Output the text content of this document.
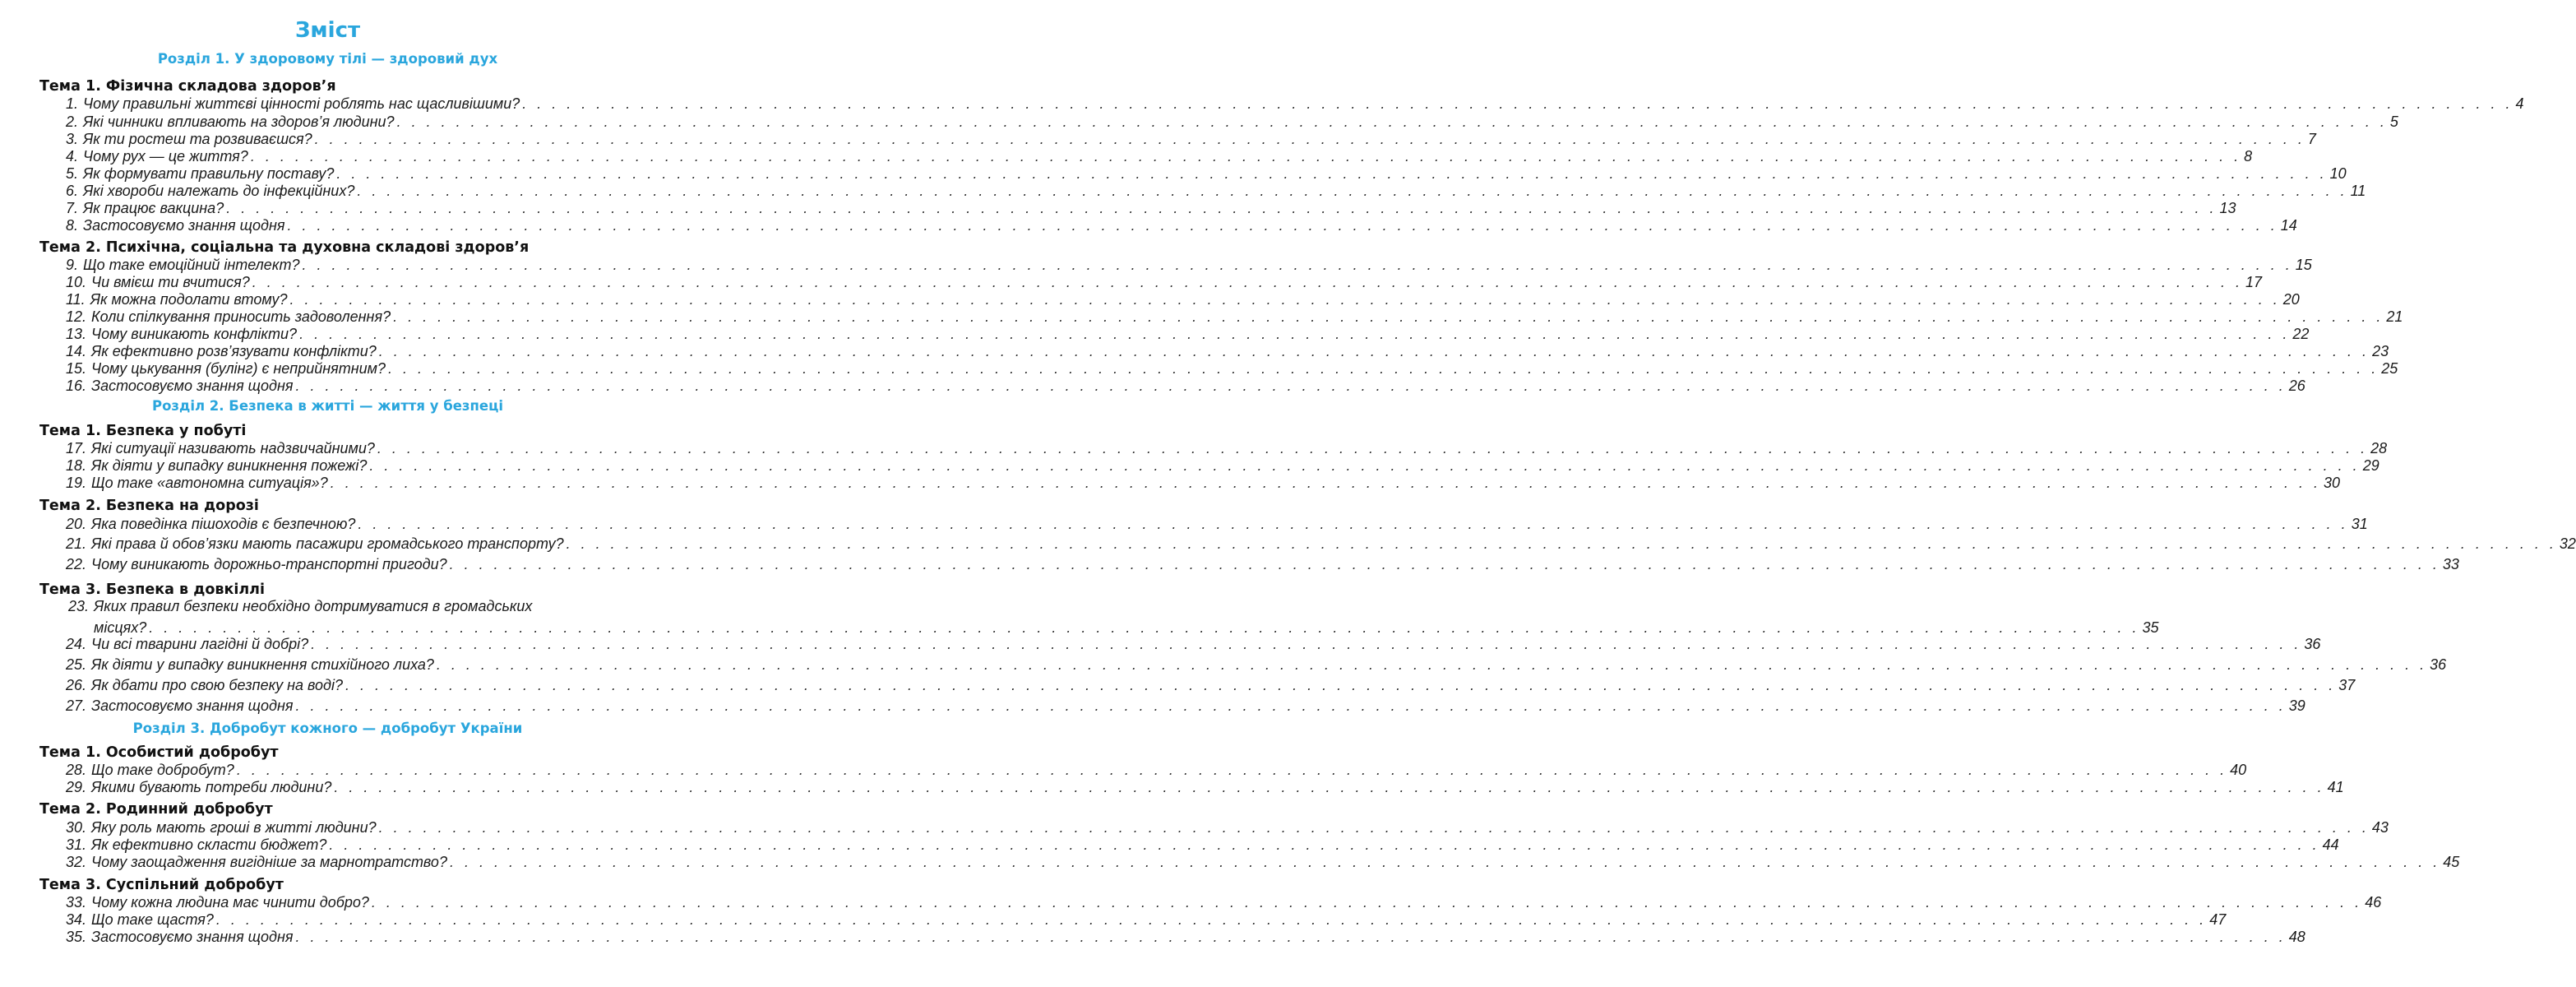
Зміст
Розділ 1. У здоровому тілі — здоровий дух
Тема 1. Фізична складова здоров’я
1. Чому правильні життєві цінності роблять нас щасливішими? . . .	4
2. Які чинники впливають на здоров’я людини? . . .	5
3. Як ти ростеш та розвиваєшся? . . .	7
4. Чому рух — це життя? . . .	8
5. Як формувати правильну поставу? . . .	10
6. Які хвороби належать до інфекційних? . . .	11
7. Як працює вакцина? . . .	13
8. Застосовуємо знання щодня . . .	14
Тема 2. Психічна, соціальна та духовна складові здоров’я
9. Що таке емоційний інтелект? . . .	15
10. Чи вмієш ти вчитися? . . .	17
11. Як можна подолати втому? . . .	20
12. Коли спілкування приносить задоволення? . . .	21
13. Чому виникають конфлікти? . . .	22
14. Як ефективно розв’язувати конфлікти? . . .	23
15. Чому цькування (булінг) є неприйнятним? . . .	25
16. Застосовуємо знання щодня . . .	26
Розділ 2. Безпека в житті — життя у безпеці
Тема 1. Безпека у побуті
17. Які ситуації називають надзвичайними? . . .	28
18. Як діяти у випадку виникнення пожежі? . . .	29
19. Що таке «автономна ситуація»? . . .	30
Тема 2. Безпека на дорозі
20. Яка поведінка пішоходів є безпечною? . . .	31
21. Які права й обов’язки мають пасажири громадського транспорту? . . .	32
22. Чому виникають дорожньо-транспортні пригоди? . . .	33
Тема 3. Безпека в довкіллі
23. Яких правил безпеки необхідно дотримуватися в громадських
місцях? . . .	35
24. Чи всі тварини лагідні й добрі? . . .	36
25. Як діяти у випадку виникнення стихійного лиха? . . .	36
26. Як дбати про свою безпеку на воді? . . .	37
27. Застосовуємо знання щодня . . .	39
Розділ 3. Добробут кожного — добробут України
Тема 1. Особистий добробут
28. Що таке добробут? . . .	40
29. Якими бувають потреби людини? . . .	41
Тема 2. Родинний добробут
30. Яку роль мають гроші в житті людини? . . .	43
31. Як ефективно скласти бюджет? . . .	44
32. Чому заощадження вигідніше за марнотратство? . . .	45
Тема 3. Суспільний добробут
33. Чому кожна людина має чинити добро? . . .	46
34. Що таке щастя? . . .	47
35. Застосовуємо знання щодня . . .	48
